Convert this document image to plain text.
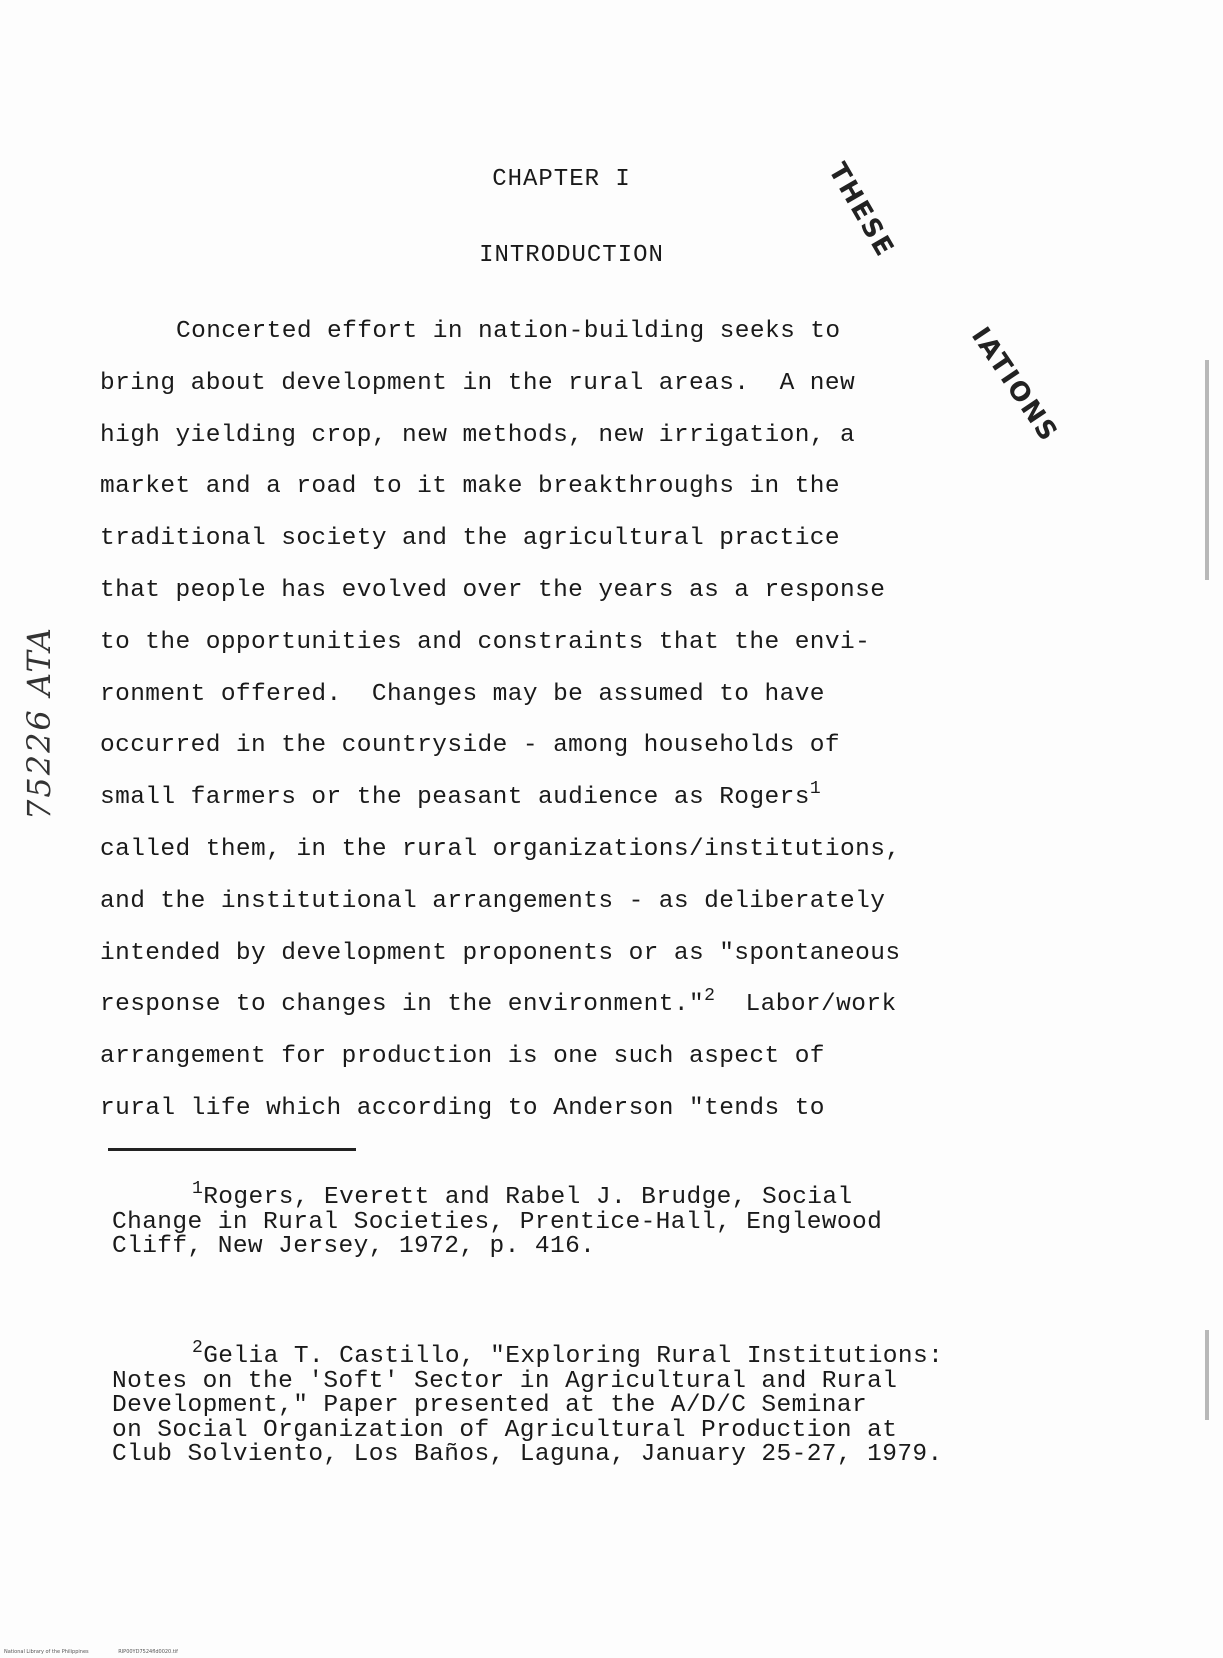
CHAPTER I
INTRODUCTION	THESE
IATIONS
75226 ATA
Concerted effort in nation-building seeks to
bring about development in the rural areas.  A new
high yielding crop, new methods, new irrigation, a
market and a road to it make breakthroughs in the
traditional society and the agricultural practice
that people has evolved over the years as a response
to the opportunities and constraints that the envi-
ronment offered.  Changes may be assumed to have
occurred in the countryside - among households of
small farmers or the peasant audience as Rogers$^1$
called them, in the rural organizations/institutions,
and the institutional arrangements - as deliberately
intended by development proponents or as "spontaneous
response to changes in the environment."$^2$  Labor/work
arrangement for production is one such aspect of
rural life which according to Anderson "tends to
$^1$Rogers, Everett and Rabel J. Brudge, Social
Change in Rural Societies, Prentice-Hall, Englewood
Cliff, New Jersey, 1972, p. 416.
$^2$Gelia T. Castillo, "Exploring Rural Institutions:
Notes on the 'Soft' Sector in Agricultural and Rural
Development," Paper presented at the A/D/C Seminar
on Social Organization of Agricultural Production at
Club Solviento, Los Baños, Laguna, January 25-27, 1979.
National Library of the Philippines	RIP00YD7524fld0020.tif
